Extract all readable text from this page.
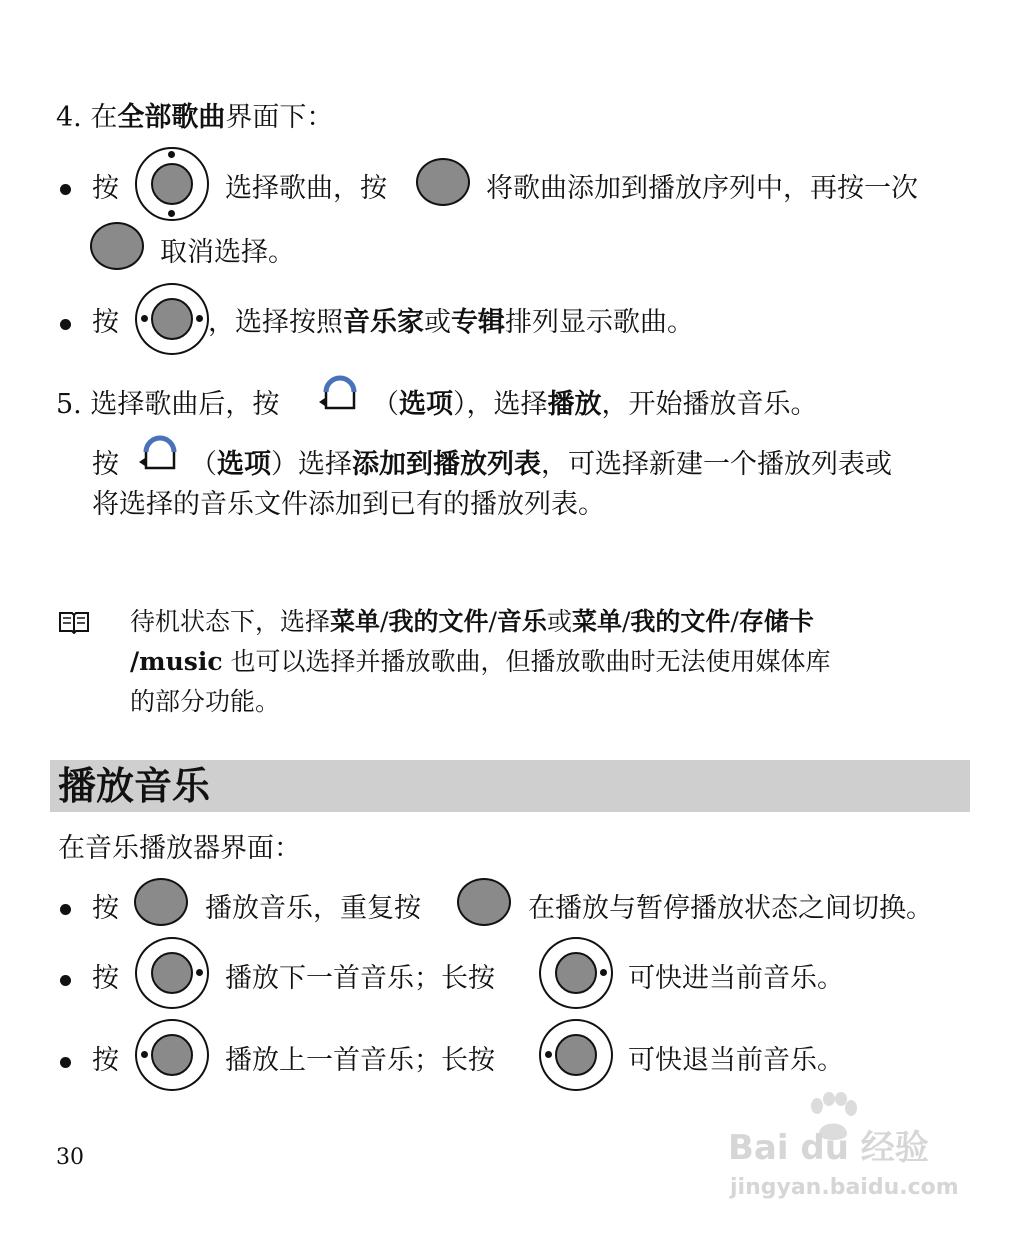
4. 在全部歌曲界面下：
按	选择歌曲，按	将歌曲添加到播放序列中，再按一次
取消选择。
按	，选择按照音乐家或专辑排列显示歌曲。
5. 选择歌曲后，按	（选项），选择播放，开始播放音乐。
按	（选项）选择添加到播放列表，可选择新建一个播放列表或
将选择的音乐文件添加到已有的播放列表。
待机状态下，选择菜单/我的文件/音乐或菜单/我的文件/存储卡
/music 也可以选择并播放歌曲，但播放歌曲时无法使用媒体库
的部分功能。
播放音乐
在音乐播放器界面：
按	播放音乐，重复按	在播放与暂停播放状态之间切换。
按	播放下一首音乐；长按	可快进当前音乐。
按	播放上一首音乐；长按	可快退当前音乐。
30	Bai du 经验
jingyan.baidu.com
